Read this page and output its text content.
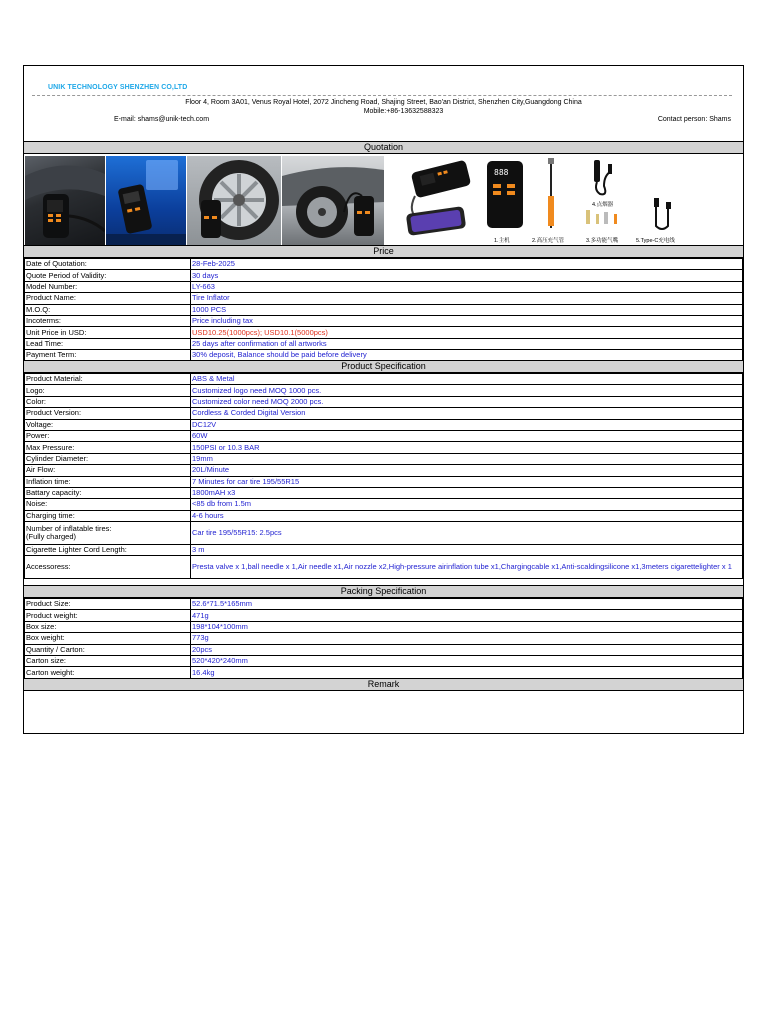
UNIK TECHNOLOGY SHENZHEN CO,LTD
Floor 4, Room 3A01, Venus Royal Hotel, 2072 Jincheng Road, Shajing Street, Bao'an District, Shenzhen City,Guangdong China
Mobile:+86-13632588323
E-mail: shams@unik-tech.com	Contact person: Shams
Quotation
888
4.点烟器
1.主机	2.高压充气管	3.多功能气嘴	5.Type-C充电线
Price
Date of Quotation:	28-Feb-2025
Quote Period of Validity:	30 days
Model Number:	LY-663
Product Name:	Tire Inflator
M.O.Q:	1000 PCS
Incoterms:	Price including tax
Unit Price in USD:	USD10.25(1000pcs); USD10.1(5000pcs)
Lead Time:	25 days after confirmation of all artworks
Payment Term:	30% deposit, Balance should be paid before delivery
Product Specification
Product Material:	ABS & Metal
Logo:	Customized logo need MOQ 1000 pcs.
Color:	Customized color need MOQ 2000 pcs.
Product Version:	Cordless & Corded Digital Version
Voltage:	DC12V
Power:	60W
Max Pressure:	150PSI or 10.3 BAR
Cylinder Diameter:	19mm
Air Flow:	20L/Minute
Inflation time:	7 Minutes for car tire 195/55R15
Battary capacity:	1800mAH x3
Noise:	<85 db from 1.5m
Charging time:	4-6 hours
Number of inflatable tires:
(Fully charged)	Car tire 195/55R15: 2.5pcs
Cigarette Lighter Cord Length:	3 m
Accessoress:	Presta valve x 1,ball needle x 1,Air needle x1,Air nozzle x2,High-pressure airinflation tube x1,Chargingcable x1,Anti-scaldingsilicone x1,3meters cigarettelighter x 1
Packing Specification
Product Size:	52.6*71.5*165mm
Product weight:	471g
Box size:	198*104*100mm
Box weight:	773g
Quantity / Carton:	20pcs
Carton size:	520*420*240mm
Carton weight:	16.4kg
Remark
